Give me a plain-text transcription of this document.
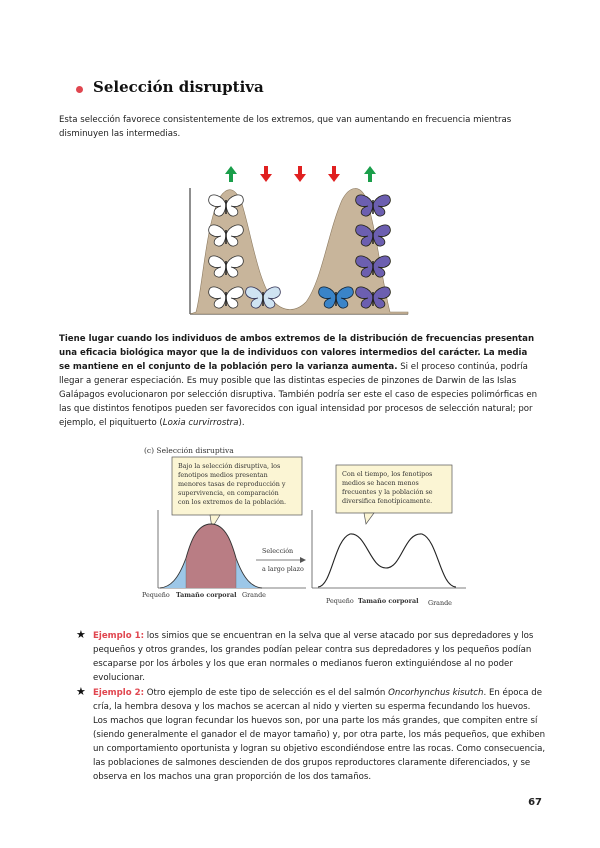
Selección disruptiva
Esta selección favorece consistentemente de los extremos, que van aumentando en frecuencia mientras disminuyen las intermedias.
Tiene lugar cuando los individuos de ambos extremos de la distribución de frecuencias presentan una eficacia biológica mayor que la de individuos con valores intermedios del carácter. La media se mantiene en el conjunto de la población pero la varianza aumenta. Si el proceso continúa, podría llegar a generar especiación. Es muy posible que las distintas especies de pinzones de Darwin de las Islas Galápagos evolucionaron por selección disruptiva. También podría ser este el caso de especies polimórficas en las que distintos fenotipos pueden ser favorecidos con igual intensidad por procesos de selección natural; por ejemplo, el piquituerto (Loxia curvirrostra).
(c) Selección disruptiva
Bajo la selección disruptiva, los
fenotipos medios presentan
menores tasas de reproducción y
supervivencia, en comparación
con los extremos de la población.
Con el tiempo, los fenotipos
medios se hacen menos
frecuentes y la población se
diversifica fenotípicamente.
Selección
a largo plazo
Pequeño Tamaño corporal Grande
Pequeño Tamaño corporal Grande
★ Ejemplo 1: los simios que se encuentran en la selva que al verse atacado por sus depredadores y los pequeños y otros grandes, los grandes podían pelear contra sus depredadores y los pequeños podían escaparse por los árboles y los que eran normales o medianos fueron extinguiéndose al no poder evolucionar.
★ Ejemplo 2: Otro ejemplo de este tipo de selección es el del salmón Oncorhynchus kisutch. En época de cría, la hembra desova y los machos se acercan al nido y vierten su esperma fecundando los huevos. Los machos que logran fecundar los huevos son, por una parte los más grandes, que compiten entre sí (siendo generalmente el ganador el de mayor tamaño) y, por otra parte, los más pequeños, que exhiben un comportamiento oportunista y logran su objetivo escondiéndose entre las rocas. Como consecuencia, las poblaciones de salmones descienden de dos grupos reproductores claramente diferenciados, y se observa en los machos una gran proporción de los dos tamaños.
67
